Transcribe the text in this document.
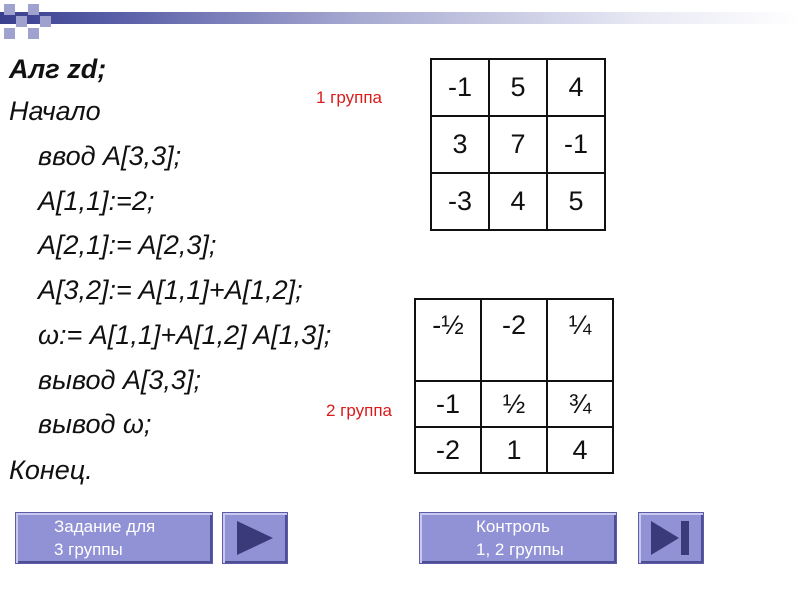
Алг zd;
Начало
ввод A[3,3];
A[1,1]:=2;
A[2,1]:= A[2,3];
A[3,2]:= A[1,1]+A[1,2];
ω:= A[1,1]+A[1,2] A[1,3];
вывод A[3,3];
вывод ω;
Конец.
1 группа
2 группа
-1	5	4
3	7	-1
-3	4	5
-½	-2	¼
-1	½	¾
-2	1	4
Задание для
3 группы
Контроль
1, 2 группы
